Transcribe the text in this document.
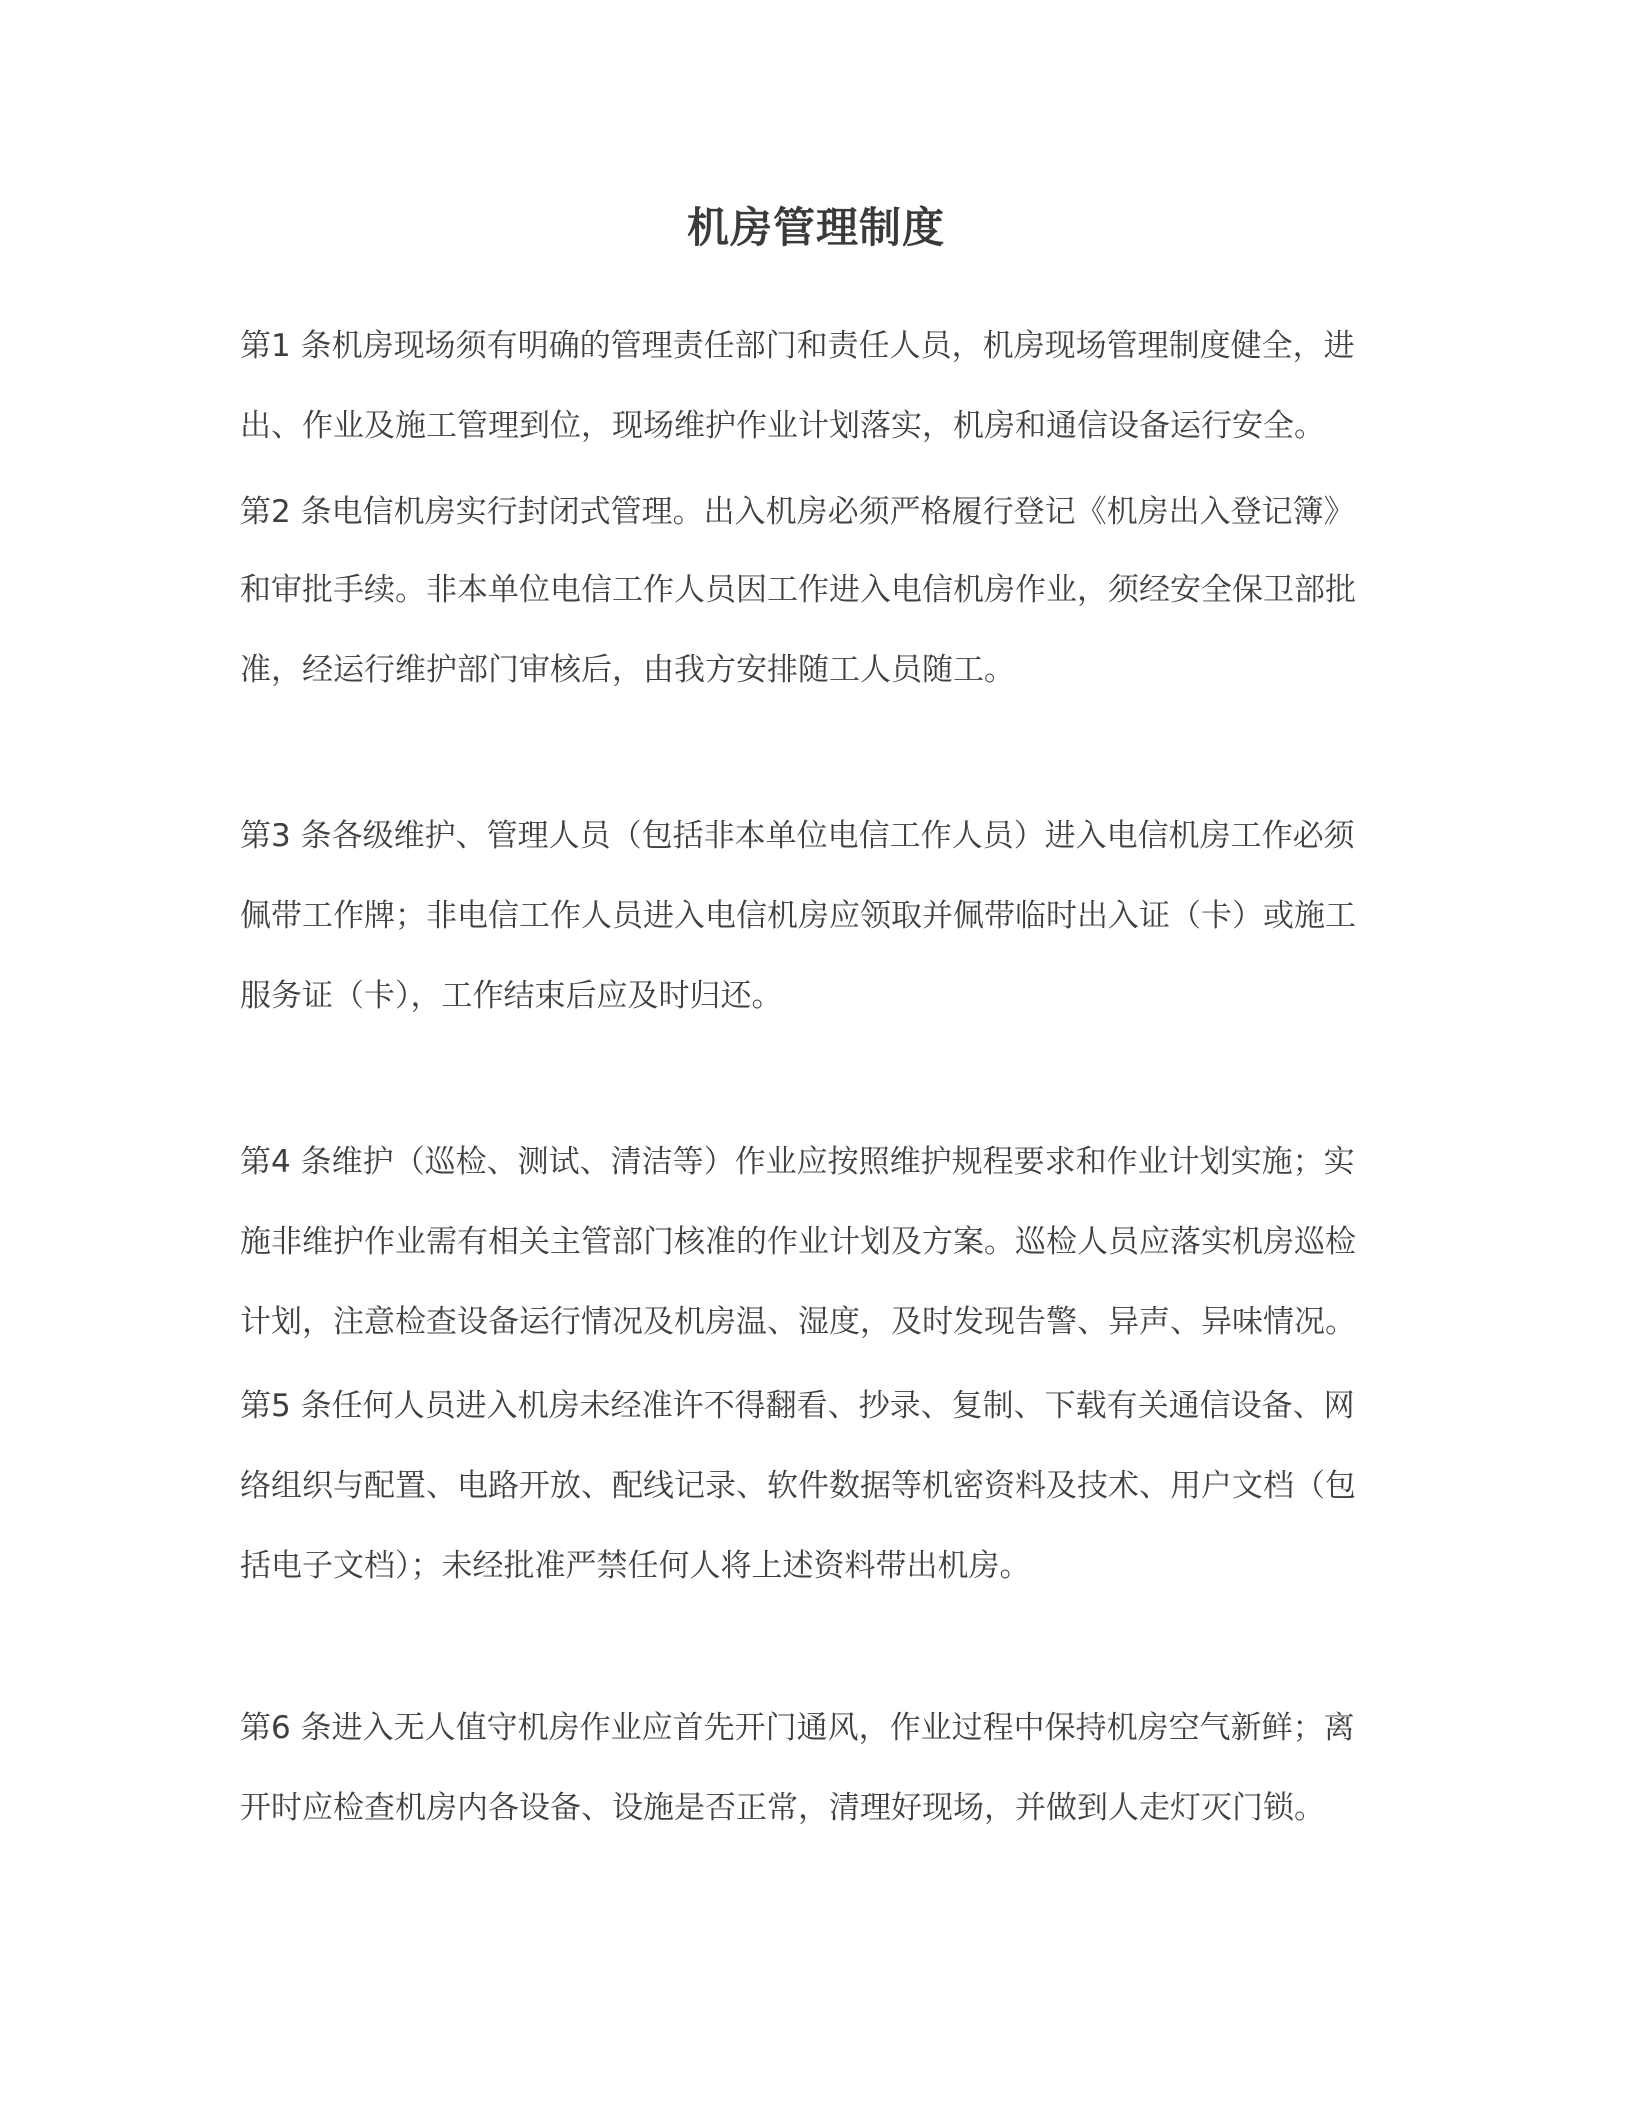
机房管理制度
第1 条机房现场须有明确的管理责任部门和责任人员，机房现场管理制度健全，进
出、作业及施工管理到位，现场维护作业计划落实，机房和通信设备运行安全。
第2 条电信机房实行封闭式管理。出入机房必须严格履行登记《机房出入登记簿》
和审批手续。非本单位电信工作人员因工作进入电信机房作业，须经安全保卫部批
准，经运行维护部门审核后，由我方安排随工人员随工。
第3 条各级维护、管理人员（包括非本单位电信工作人员）进入电信机房工作必须
佩带工作牌；非电信工作人员进入电信机房应领取并佩带临时出入证（卡）或施工
服务证（卡），工作结束后应及时归还。
第4 条维护（巡检、测试、清洁等）作业应按照维护规程要求和作业计划实施；实
施非维护作业需有相关主管部门核准的作业计划及方案。巡检人员应落实机房巡检
计划，注意检查设备运行情况及机房温、湿度，及时发现告警、异声、异味情况。
第5 条任何人员进入机房未经准许不得翻看、抄录、复制、下载有关通信设备、网
络组织与配置、电路开放、配线记录、软件数据等机密资料及技术、用户文档（包
括电子文档）；未经批准严禁任何人将上述资料带出机房。
第6 条进入无人值守机房作业应首先开门通风，作业过程中保持机房空气新鲜；离
开时应检查机房内各设备、设施是否正常，清理好现场，并做到人走灯灭门锁。
